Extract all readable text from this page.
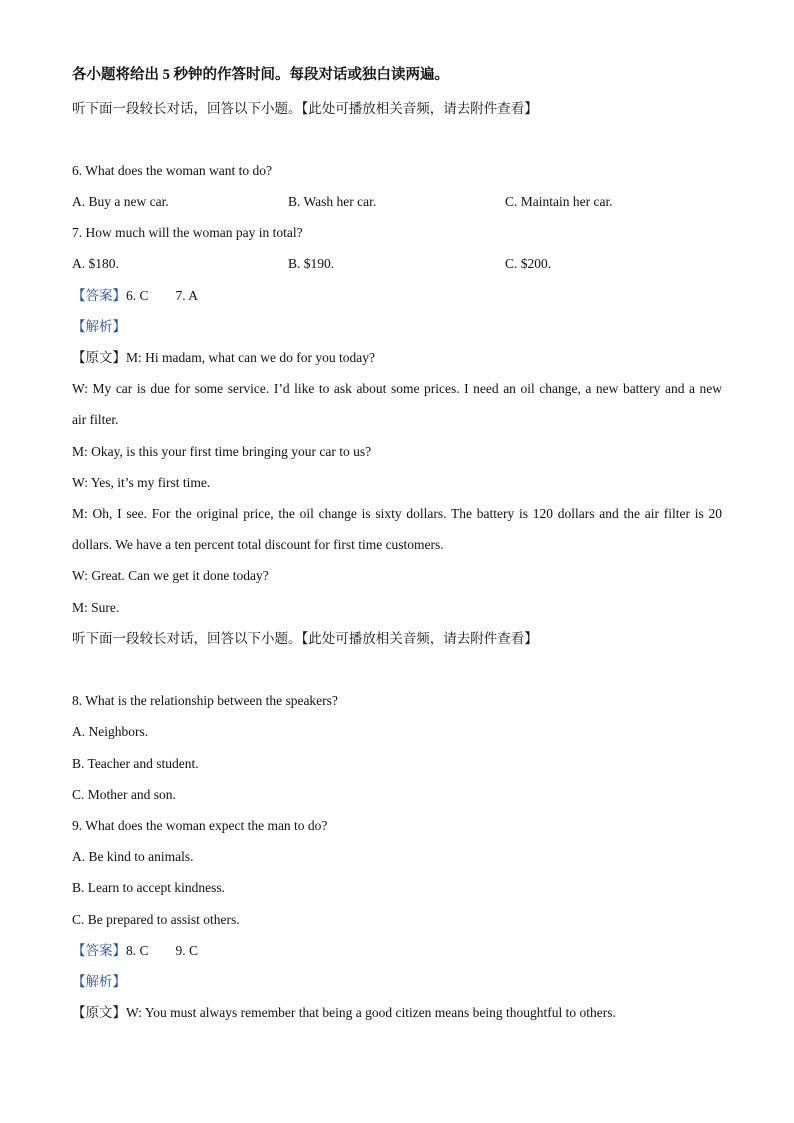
各小题将给出 5 秒钟的作答时间。每段对话或独白读两遍。
听下面一段较长对话，回答以下小题。【此处可播放相关音频，请去附件查看】
6. What does the woman want to do?
A. Buy a new car.	B. Wash her car.	C. Maintain her car.
7. How much will the woman pay in total?
A. $180.	B. $190.	C. $200.
【答案】6. C        7. A
【解析】
【原文】M: Hi madam, what can we do for you today?
W: My car is due for some service. I’d like to ask about some prices. I need an oil change, a new battery and a new
air filter.
M: Okay, is this your first time bringing your car to us?
W: Yes, it’s my first time.
M: Oh, I see. For the original price, the oil change is sixty dollars. The battery is 120 dollars and the air filter is 20
dollars. We have a ten percent total discount for first time customers.
W: Great. Can we get it done today?
M: Sure.
听下面一段较长对话，回答以下小题。【此处可播放相关音频，请去附件查看】
8. What is the relationship between the speakers?
A. Neighbors.
B. Teacher and student.
C. Mother and son.
9. What does the woman expect the man to do?
A. Be kind to animals.
B. Learn to accept kindness.
C. Be prepared to assist others.
【答案】8. C        9. C
【解析】
【原文】W: You must always remember that being a good citizen means being thoughtful to others.
